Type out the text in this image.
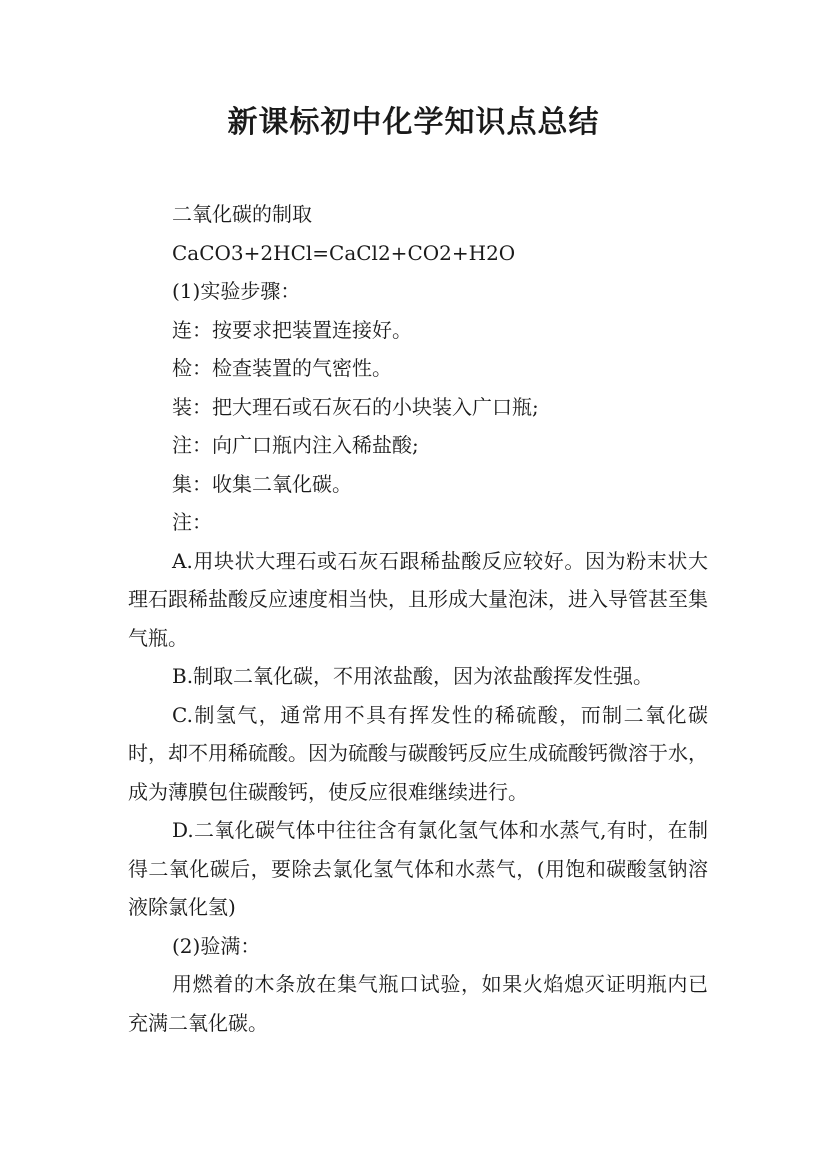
新课标初中化学知识点总结

二氧化碳的制取

CaCO3+2HCl=CaCl2+CO2+H2O

(1)实验步骤：

连：按要求把装置连接好。

检：检查装置的气密性。

装：把大理石或石灰石的小块装入广口瓶;

注：向广口瓶内注入稀盐酸;

集：收集二氧化碳。

注：

A.用块状大理石或石灰石跟稀盐酸反应较好。因为粉末状大理石跟稀盐酸反应速度相当快，且形成大量泡沫，进入导管甚至集气瓶。

B.制取二氧化碳，不用浓盐酸，因为浓盐酸挥发性强。

C.制氢气，通常用不具有挥发性的稀硫酸，而制二氧化碳时，却不用稀硫酸。因为硫酸与碳酸钙反应生成硫酸钙微溶于水，成为薄膜包住碳酸钙，使反应很难继续进行。

D.二氧化碳气体中往往含有氯化氢气体和水蒸气,有时，在制得二氧化碳后，要除去氯化氢气体和水蒸气，(用饱和碳酸氢钠溶液除氯化氢)

(2)验满：

用燃着的木条放在集气瓶口试验，如果火焰熄灭证明瓶内已充满二氧化碳。
